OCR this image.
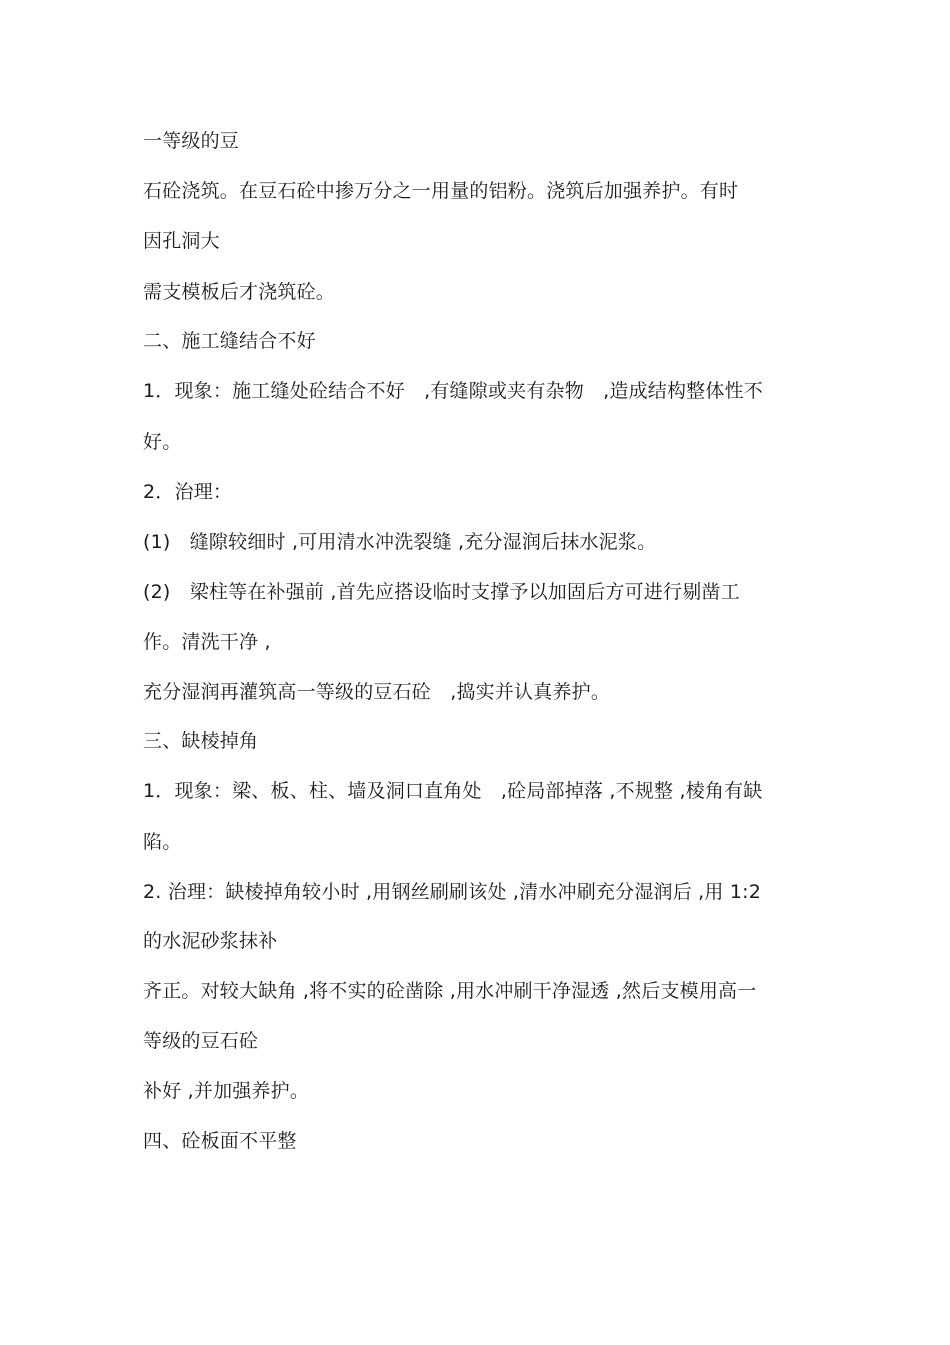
一等级的豆
石砼浇筑。在豆石砼中掺万分之一用量的铝粉。浇筑后加强养护。有时
因孔洞大
需支模板后才浇筑砼。
二、施工缝结合不好
1．现象：施工缝处砼结合不好　,有缝隙或夹有杂物　,造成结构整体性不
好。
2．治理：
(1)　缝隙较细时 ,可用清水冲洗裂缝 ,充分湿润后抹水泥浆。
(2)　梁柱等在补强前 ,首先应搭设临时支撑予以加固后方可进行剔凿工
作。清洗干净 ,
充分湿润再灌筑高一等级的豆石砼　,捣实并认真养护。
三、缺棱掉角
1．现象：梁、板、柱、墙及洞口直角处　,砼局部掉落 ,不规整 ,棱角有缺
陷。
2. 治理：缺棱掉角较小时 ,用钢丝刷刷该处 ,清水冲刷充分湿润后 ,用 1:2
的水泥砂浆抹补
齐正。对较大缺角 ,将不实的砼凿除 ,用水冲刷干净湿透 ,然后支模用高一
等级的豆石砼
补好 ,并加强养护。
四、砼板面不平整
